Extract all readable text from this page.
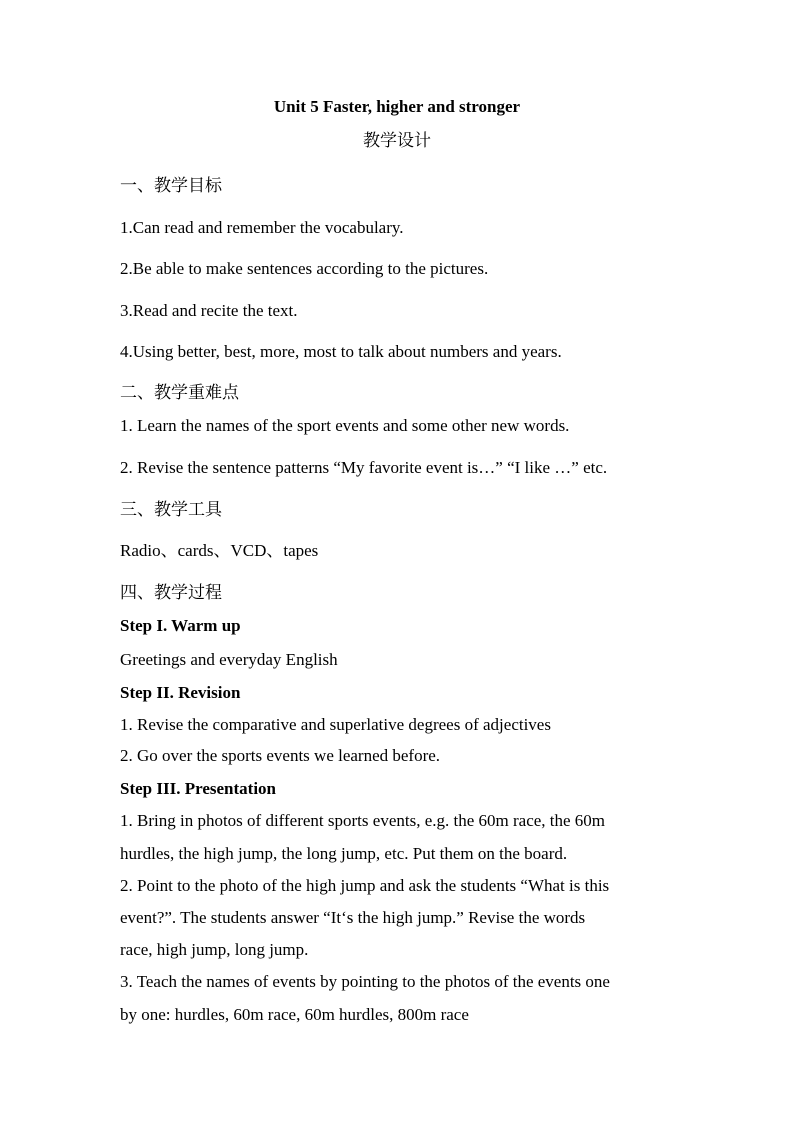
Unit 5 Faster, higher and stronger
教学设计
一、教学目标
1.Can read and remember the vocabulary.
2.Be able to make sentences according to the pictures.
3.Read and recite the text.
4.Using better, best, more, most to talk about numbers and years.
二、教学重难点
1. Learn the names of the sport events and some other new words.
2. Revise the sentence patterns “My favorite event is…” “I like …” etc.
三、教学工具
Radio、cards、VCD、tapes
四、教学过程
Step I. Warm up
Greetings and everyday English
Step II. Revision
1. Revise the comparative and superlative degrees of adjectives
2. Go over the sports events we learned before.
Step III. Presentation
1. Bring in photos of different sports events, e.g. the 60m race, the 60m
hurdles, the high jump, the long jump, etc. Put them on the board.
2. Point to the photo of the high jump and ask the students “What is this
event?”. The students answer “It‘s the high jump.” Revise the words
race, high jump, long jump.
3. Teach the names of events by pointing to the photos of the events one
by one: hurdles, 60m race, 60m hurdles, 800m race
